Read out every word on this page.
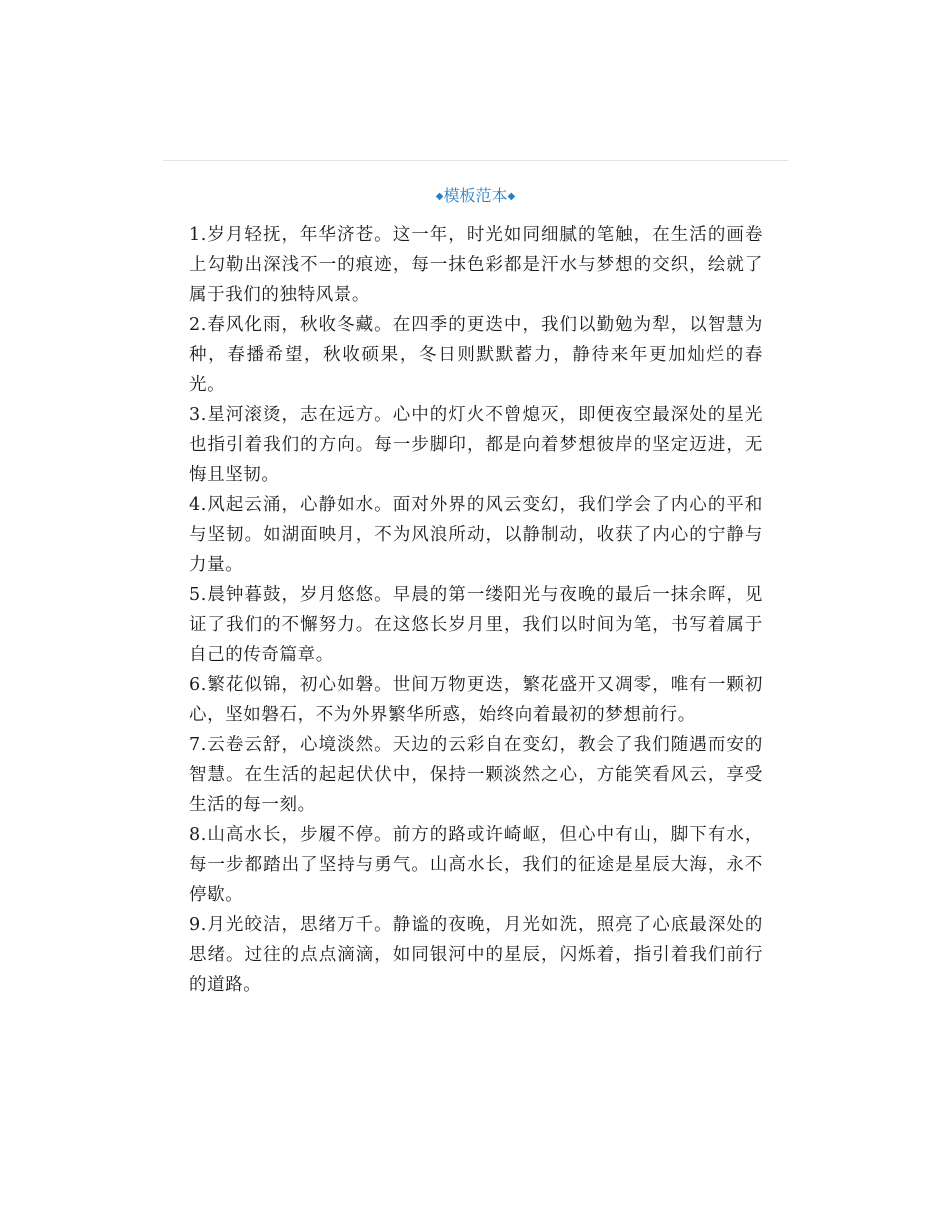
◆模板范本◆

1.岁月轻抚，年华济苍。这一年，时光如同细腻的笔触，在生活的画卷上勾勒出深浅不一的痕迹，每一抹色彩都是汗水与梦想的交织，绘就了属于我们的独特风景。

2.春风化雨，秋收冬藏。在四季的更迭中，我们以勤勉为犁，以智慧为种，春播希望，秋收硕果，冬日则默默蓄力，静待来年更加灿烂的春光。

3.星河滚烫，志在远方。心中的灯火不曾熄灭，即便夜空最深处的星光也指引着我们的方向。每一步脚印，都是向着梦想彼岸的坚定迈进，无悔且坚韧。

4.风起云涌，心静如水。面对外界的风云变幻，我们学会了内心的平和与坚韧。如湖面映月，不为风浪所动，以静制动，收获了内心的宁静与力量。

5.晨钟暮鼓，岁月悠悠。早晨的第一缕阳光与夜晚的最后一抹余晖，见证了我们的不懈努力。在这悠长岁月里，我们以时间为笔，书写着属于自己的传奇篇章。

6.繁花似锦，初心如磐。世间万物更迭，繁花盛开又凋零，唯有一颗初心，坚如磐石，不为外界繁华所惑，始终向着最初的梦想前行。

7.云卷云舒，心境淡然。天边的云彩自在变幻，教会了我们随遇而安的智慧。在生活的起起伏伏中，保持一颗淡然之心，方能笑看风云，享受生活的每一刻。

8.山高水长，步履不停。前方的路或许崎岖，但心中有山，脚下有水，每一步都踏出了坚持与勇气。山高水长，我们的征途是星辰大海，永不停歇。

9.月光皎洁，思绪万千。静谧的夜晚，月光如洗，照亮了心底最深处的思绪。过往的点点滴滴，如同银河中的星辰，闪烁着，指引着我们前行的道路。
